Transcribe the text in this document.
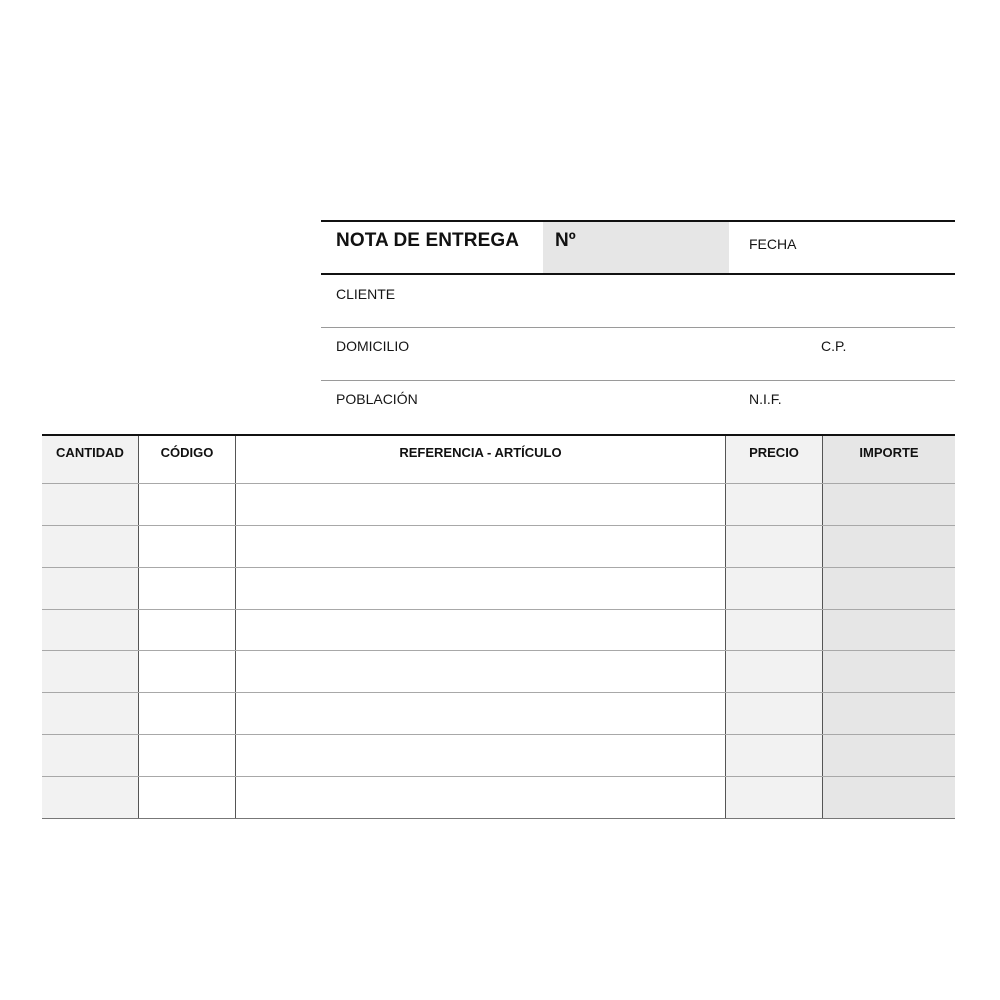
NOTA DE ENTREGA Nº	FECHA
CLIENTE
DOMICILIO	C.P.
POBLACIÓN	N.I.F.
CANTIDAD	CÓDIGO	REFERENCIA - ARTÍCULO	PRECIO	IMPORTE
